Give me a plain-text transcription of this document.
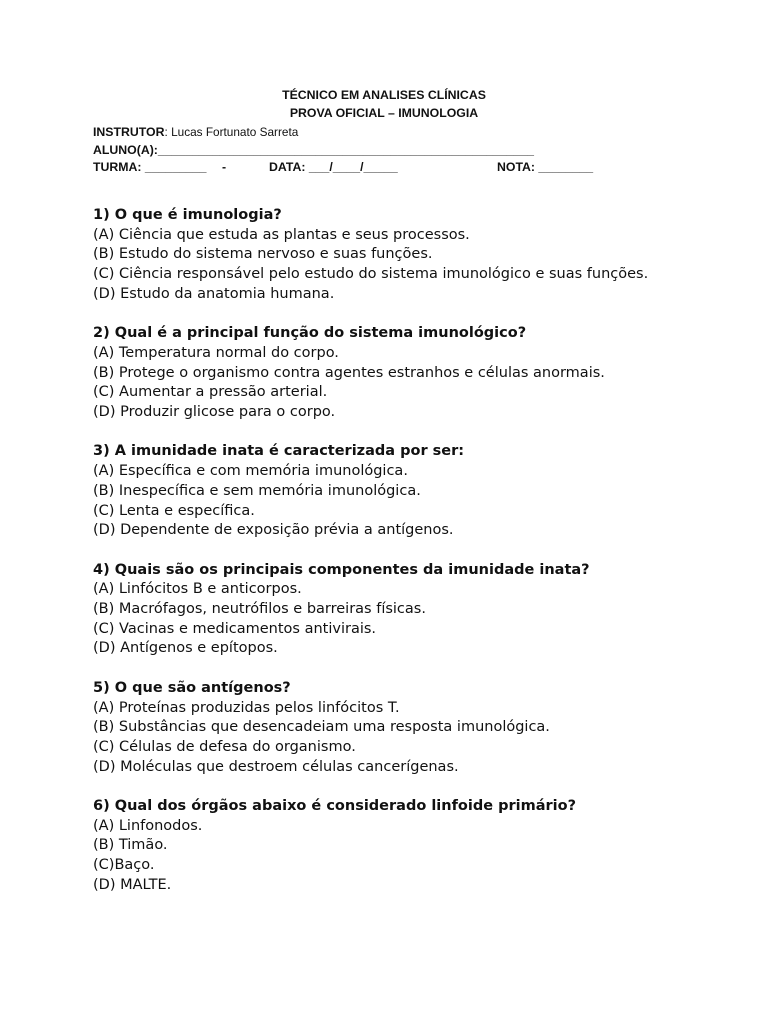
TÉCNICO EM ANALISES CLÍNICAS
PROVA OFICIAL – IMUNOLOGIA
INSTRUTOR: Lucas Fortunato Sarreta
ALUNO(A):_______________________________________________________
TURMA: _________ -	DATA: ___/____/_____	NOTA: ________
1) O que é imunologia?
(A) Ciência que estuda as plantas e seus processos.
(B) Estudo do sistema nervoso e suas funções.
(C) Ciência responsável pelo estudo do sistema imunológico e suas funções.
(D) Estudo da anatomia humana.
2) Qual é a principal função do sistema imunológico?
(A) Temperatura normal do corpo.
(B) Protege o organismo contra agentes estranhos e células anormais.
(C) Aumentar a pressão arterial.
(D) Produzir glicose para o corpo.
3) A imunidade inata é caracterizada por ser:
(A) Específica e com memória imunológica.
(B) Inespecífica e sem memória imunológica.
(C) Lenta e específica.
(D) Dependente de exposição prévia a antígenos.
4) Quais são os principais componentes da imunidade inata?
(A) Linfócitos B e anticorpos.
(B) Macrófagos, neutrófilos e barreiras físicas.
(C) Vacinas e medicamentos antivirais.
(D) Antígenos e epítopos.
5) O que são antígenos?
(A) Proteínas produzidas pelos linfócitos T.
(B) Substâncias que desencadeiam uma resposta imunológica.
(C) Células de defesa do organismo.
(D) Moléculas que destroem células cancerígenas.
6) Qual dos órgãos abaixo é considerado linfoide primário?
(A) Linfonodos.
(B) Timão.
(C)Baço.
(D) MALTE.
